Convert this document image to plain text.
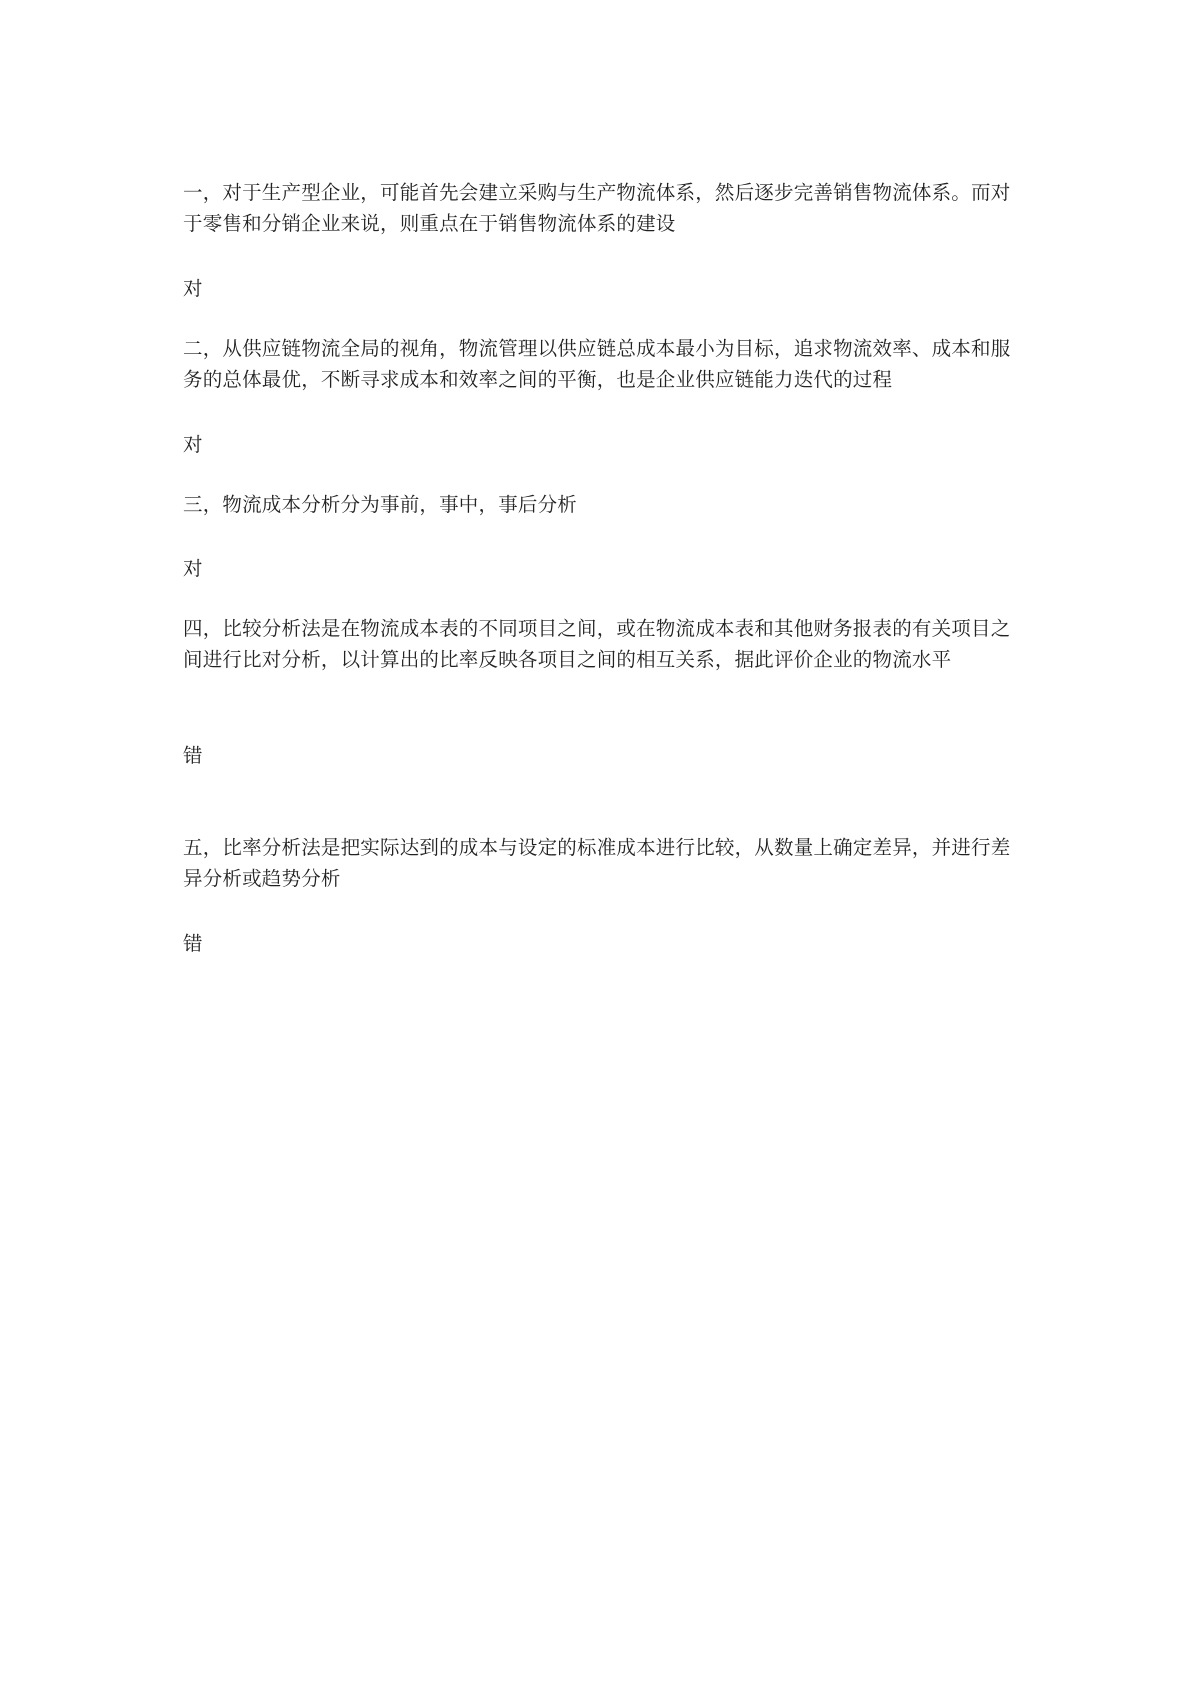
一，对于生产型企业，可能首先会建立采购与生产物流体系，然后逐步完善销售物流体系。而对于零售和分销企业来说，则重点在于销售物流体系的建设
对
二，从供应链物流全局的视角，物流管理以供应链总成本最小为目标，追求物流效率、成本和服务的总体最优，不断寻求成本和效率之间的平衡，也是企业供应链能力迭代的过程
对
三，物流成本分析分为事前，事中，事后分析
对
四，比较分析法是在物流成本表的不同项目之间，或在物流成本表和其他财务报表的有关项目之间进行比对分析，以计算出的比率反映各项目之间的相互关系，据此评价企业的物流水平
错
五，比率分析法是把实际达到的成本与设定的标准成本进行比较，从数量上确定差异，并进行差异分析或趋势分析
错
